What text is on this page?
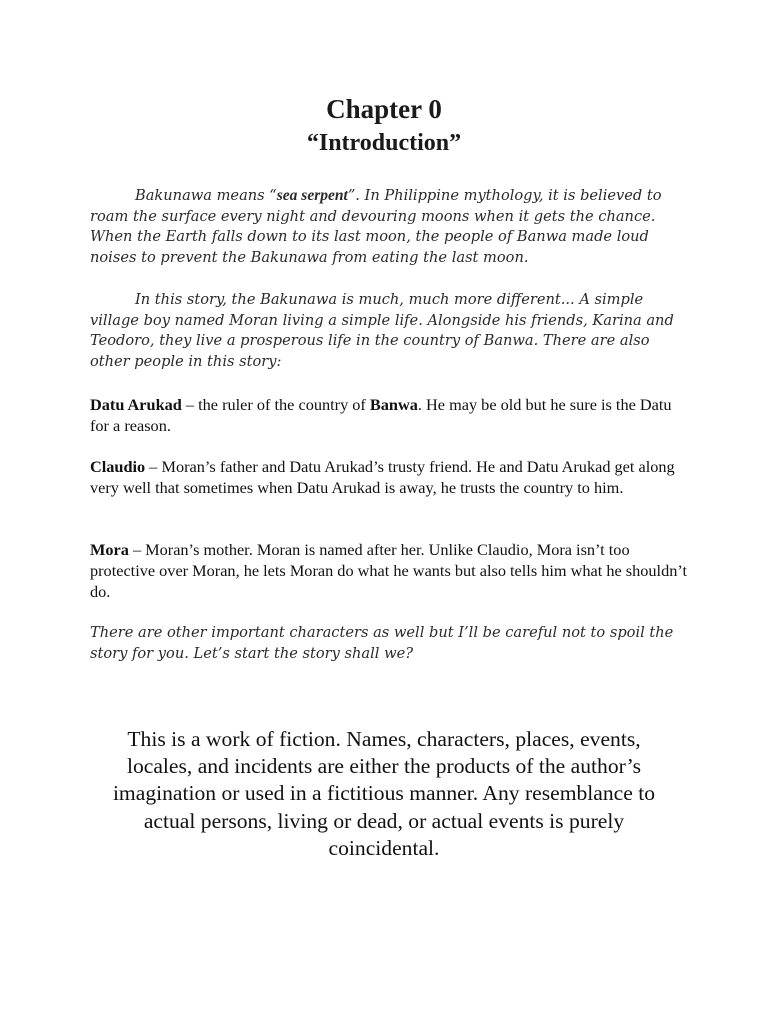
Chapter 0
“Introduction”

Bakunawa means “sea serpent”. In Philippine mythology, it is believed to roam the surface every night and devouring moons when it gets the chance. When the Earth falls down to its last moon, the people of Banwa made loud noises to prevent the Bakunawa from eating the last moon.

In this story, the Bakunawa is much, much more different... A simple village boy named Moran living a simple life. Alongside his friends, Karina and Teodoro, they live a prosperous life in the country of Banwa. There are also other people in this story:

Datu Arukad – the ruler of the country of Banwa. He may be old but he sure is the Datu for a reason.

Claudio – Moran’s father and Datu Arukad’s trusty friend. He and Datu Arukad get along very well that sometimes when Datu Arukad is away, he trusts the country to him.

Mora – Moran’s mother. Moran is named after her. Unlike Claudio, Mora isn’t too protective over Moran, he lets Moran do what he wants but also tells him what he shouldn’t do.

There are other important characters as well but I’ll be careful not to spoil the story for you. Let’s start the story shall we?

This is a work of fiction. Names, characters, places, events, locales, and incidents are either the products of the author’s imagination or used in a fictitious manner. Any resemblance to actual persons, living or dead, or actual events is purely coincidental.
